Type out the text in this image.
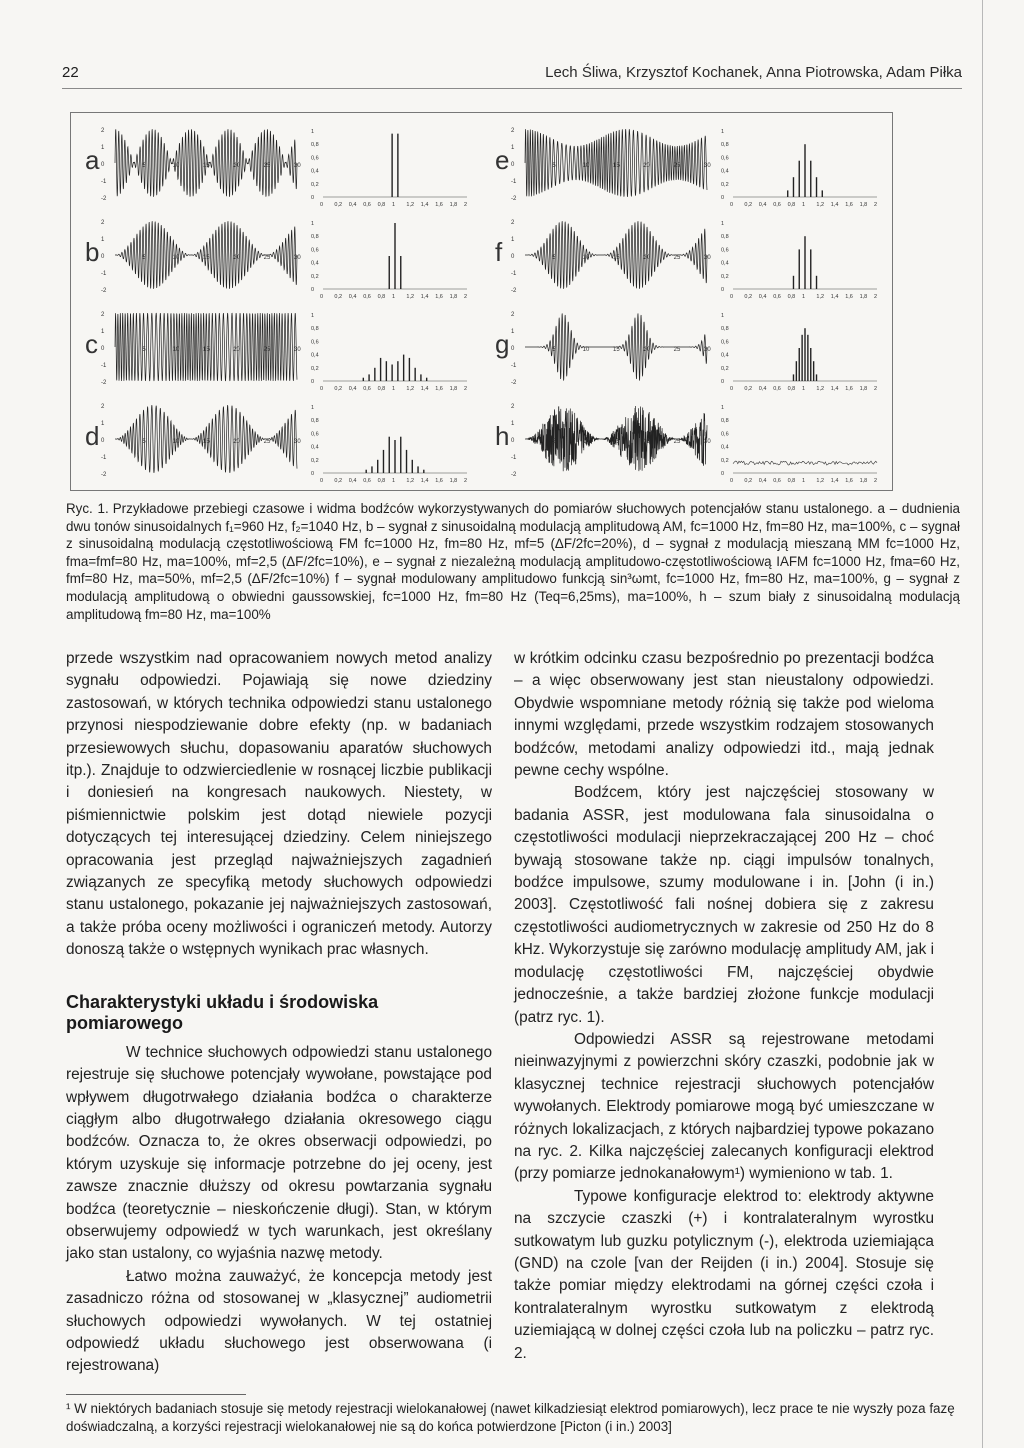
22	Lech Śliwa, Krzysztof Kochanek, Anna Piotrowska, Adam Piłka
2
1
0
-1
-2
5	10	15	20	25	30
1
0,8
0,6
0,4
0,2
0
0 0,2 0,4 0,6 0,8 1 1,2 1,4 1,6 1,8 2
a
2
1
0
-1
-2
5	10	15	20	25	30
1
0,8
0,6
0,4
0,2
0
0 0,2 0,4 0,6 0,8 1 1,2 1,4 1,6 1,8 2
b
2
1
0
-1
-2
5	10	15	20	25	30
1
0,8
0,6
0,4
0,2
0
0 0,2 0,4 0,6 0,8 1 1,2 1,4 1,6 1,8 2
c
2
1
0
-1
-2
5	10	15	20	25	30
1
0,8
0,6
0,4
0,2
0
0 0,2 0,4 0,6 0,8 1 1,2 1,4 1,6 1,8 2
d
2
1
0
-1
-2
5	10	15	20	25	30
1
0,8
0,6
0,4
0,2
0
0 0,2 0,4 0,6 0,8 1 1,2 1,4 1,6 1,8 2
e
2
1
0
-1
-2
5	10	15	20	25	30
1
0,8
0,6
0,4
0,2
0
0 0,2 0,4 0,6 0,8 1 1,2 1,4 1,6 1,8 2
f
2
1
0
-1
-2
5	10	15	20	25	30
1
0,8
0,6
0,4
0,2
0
0 0,2 0,4 0,6 0,8 1 1,2 1,4 1,6 1,8 2
g
2
1
0
-1
-2
5	10	15	20	25	30
1
0,8
0,6
0,4
0,2
0
0 0,2 0,4 0,6 0,8 1 1,2 1,4 1,6 1,8 2
h
Ryc. 1. Przykładowe przebiegi czasowe i widma bodźców wykorzystywanych do pomiarów słuchowych potencjałów stanu ustalonego. a – dudnienia dwu tonów sinusoidalnych f₁=960 Hz, f₂=1040 Hz, b – sygnał z sinusoidalną modulacją amplitudową AM, fc=1000 Hz, fm=80 Hz, ma=100%, c – sygnał z sinusoidalną modulacją częstotliwościową FM fc=1000 Hz, fm=80 Hz, mf=5 (ΔF/2fc=20%), d – sygnał z modulacją mieszaną MM fc=1000 Hz, fma=fmf=80 Hz, ma=100%, mf=2,5 (ΔF/2fc=10%), e – sygnał z niezależną modulacją amplitudowo-częstotliwościową IAFM fc=1000 Hz, fma=60 Hz, fmf=80 Hz, ma=50%, mf=2,5 (ΔF/2fc=10%) f – sygnał modulowany amplitudowo funkcją sin³ωmt, fc=1000 Hz, fm=80 Hz, ma=100%, g – sygnał z modulacją amplitudową o obwiedni gaussowskiej, fc=1000 Hz, fm=80 Hz (Teq=6,25ms), ma=100%, h – szum biały z sinusoidalną modulacją amplitudową fm=80 Hz, ma=100%

przede wszystkim nad opracowaniem nowych metod analizy sygnału odpowiedzi. Pojawiają się nowe dziedziny zastosowań, w których technika odpowiedzi stanu ustalonego przynosi niespodziewanie dobre efekty (np. w badaniach przesiewowych słuchu, dopasowaniu aparatów słuchowych itp.). Znajduje to odzwierciedlenie w rosnącej liczbie publikacji i doniesień na kongresach naukowych. Niestety, w piśmiennictwie polskim jest dotąd niewiele pozycji dotyczących tej interesującej dziedziny. Celem niniejszego opracowania jest przegląd najważniejszych zagadnień związanych ze specyfiką metody słuchowych odpowiedzi stanu ustalonego, pokazanie jej najważniejszych zastosowań, a także próba oceny możliwości i ograniczeń metody. Autorzy donoszą także o wstępnych wynikach prac własnych.

Charakterystyki układu i środowiska pomiarowego

W technice słuchowych odpowiedzi stanu ustalonego rejestruje się słuchowe potencjały wywołane, powstające pod wpływem długotrwałego działania bodźca o charakterze ciągłym albo długotrwałego działania okresowego ciągu bodźców. Oznacza to, że okres obserwacji odpowiedzi, po którym uzyskuje się informacje potrzebne do jej oceny, jest zawsze znacznie dłuższy od okresu powtarzania sygnału bodźca (teoretycznie – nieskończenie długi). Stan, w którym obserwujemy odpowiedź w tych warunkach, jest określany jako stan ustalony, co wyjaśnia nazwę metody.

Łatwo można zauważyć, że koncepcja metody jest zasadniczo różna od stosowanej w „klasycznej” audiometrii słuchowych odpowiedzi wywołanych. W tej ostatniej odpowiedź układu słuchowego jest obserwowana (i rejestrowana)

w krótkim odcinku czasu bezpośrednio po prezentacji bodźca – a więc obserwowany jest stan nieustalony odpowiedzi. Obydwie wspomniane metody różnią się także pod wieloma innymi względami, przede wszystkim rodzajem stosowanych bodźców, metodami analizy odpowiedzi itd., mają jednak pewne cechy wspólne.

Bodźcem, który jest najczęściej stosowany w badania ASSR, jest modulowana fala sinusoidalna o częstotliwości modulacji nieprzekraczającej 200 Hz – choć bywają stosowane także np. ciągi impulsów tonalnych, bodźce impulsowe, szumy modulowane i in. [John (i in.) 2003]. Częstotliwość fali nośnej dobiera się z zakresu częstotliwości audiometrycznych w zakresie od 250 Hz do 8 kHz. Wykorzystuje się zarówno modulację amplitudy AM, jak i modulację częstotliwości FM, najczęściej obydwie jednocześnie, a także bardziej złożone funkcje modulacji (patrz ryc. 1).

Odpowiedzi ASSR są rejestrowane metodami nieinwazyjnymi z powierzchni skóry czaszki, podobnie jak w klasycznej technice rejestracji słuchowych potencjałów wywołanych. Elektrody pomiarowe mogą być umieszczane w różnych lokalizacjach, z których najbardziej typowe pokazano na ryc. 2. Kilka najczęściej zalecanych konfiguracji elektrod (przy pomiarze jednokanałowym¹) wymieniono w tab. 1.

Typowe konfiguracje elektrod to: elektrody aktywne na szczycie czaszki (+) i kontralateralnym wyrostku sutkowatym lub guzku potylicznym (-), elektroda uziemiająca (GND) na czole [van der Reijden (i in.) 2004]. Stosuje się także pomiar między elektrodami na górnej części czoła i kontralateralnym wyrostku sutkowatym z elektrodą uziemiającą w dolnej części czoła lub na policzku – patrz ryc. 2.

¹ W niektórych badaniach stosuje się metody rejestracji wielokanałowej (nawet kilkadziesiąt elektrod pomiarowych), lecz prace te nie wyszły poza fazę doświadczalną, a korzyści rejestracji wielokanałowej nie są do końca potwierdzone [Picton (i in.) 2003]
